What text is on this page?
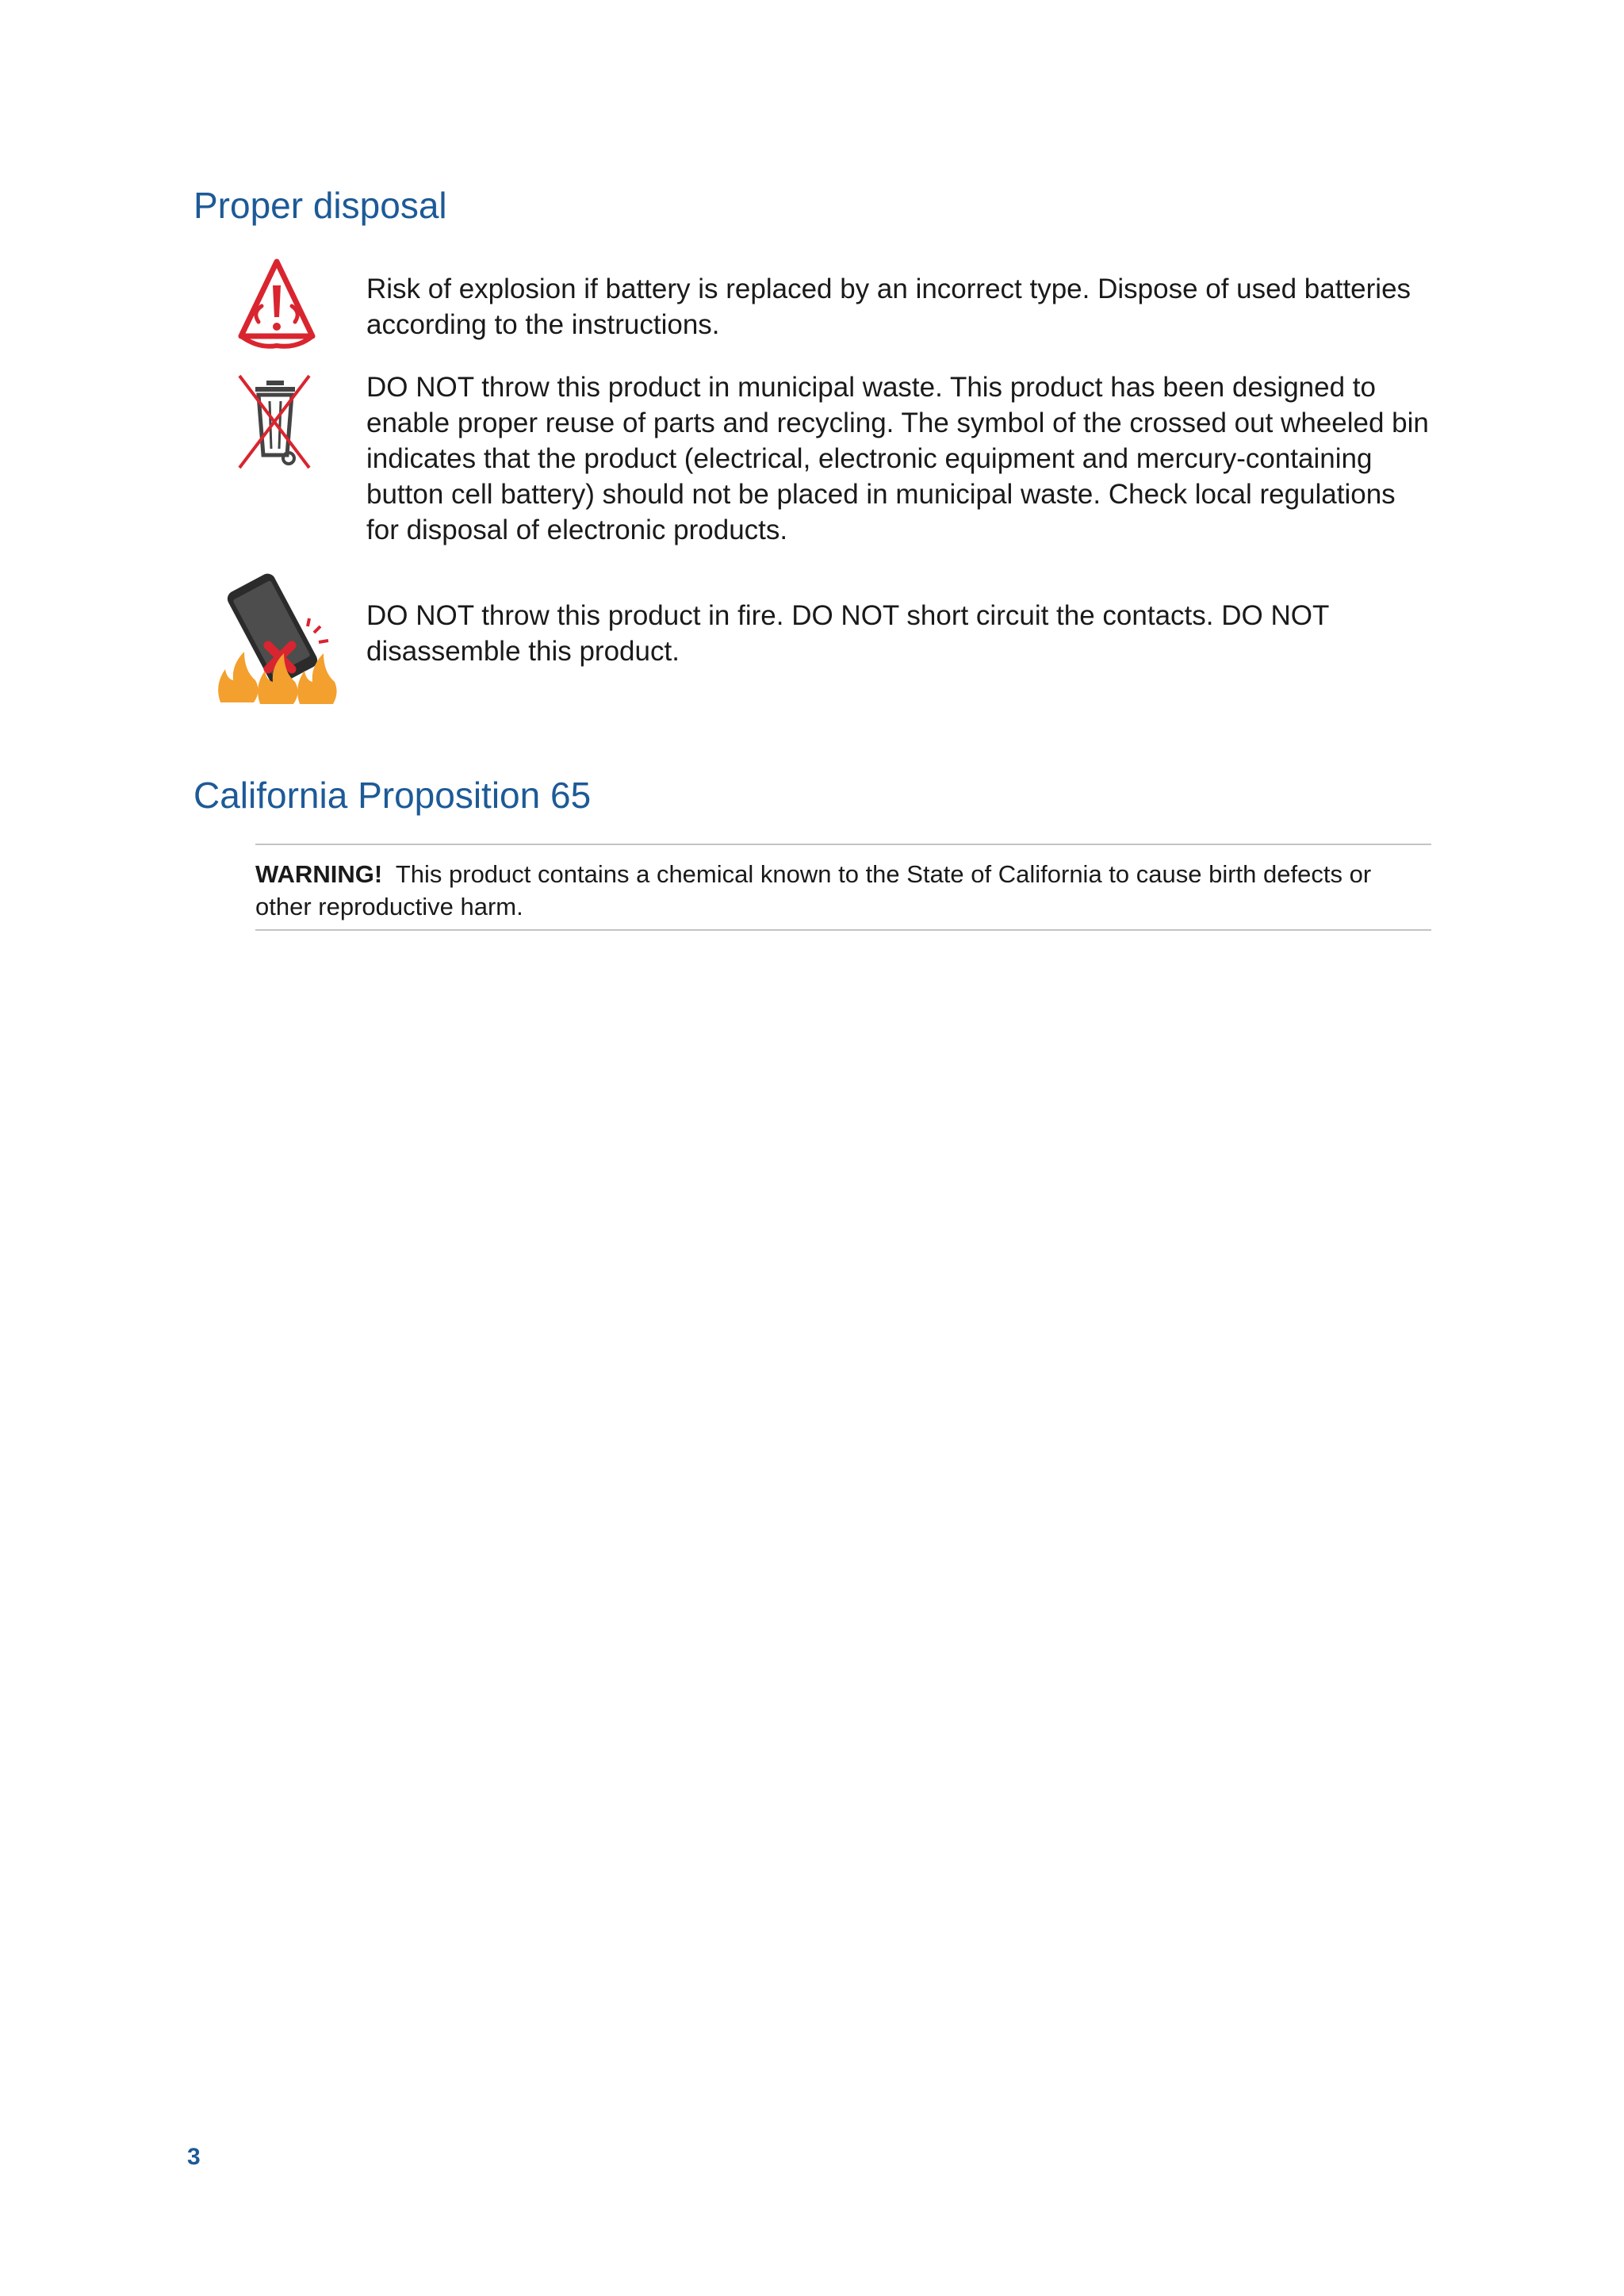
Proper disposal

Risk of explosion if battery is replaced by an incorrect type. Dispose of used batteries according to the instructions.

DO NOT throw this product in municipal waste. This product has been designed to enable proper reuse of parts and recycling. The symbol of the crossed out wheeled bin indicates that the product (electrical, electronic equipment and mercury-containing button cell battery) should not be placed in municipal waste. Check local regulations for disposal of electronic products.

DO NOT throw this product in fire. DO NOT short circuit the contacts. DO NOT disassemble this product.

California Proposition 65

WARNING! This product contains a chemical known to the State of California to cause birth defects or other reproductive harm.

3
